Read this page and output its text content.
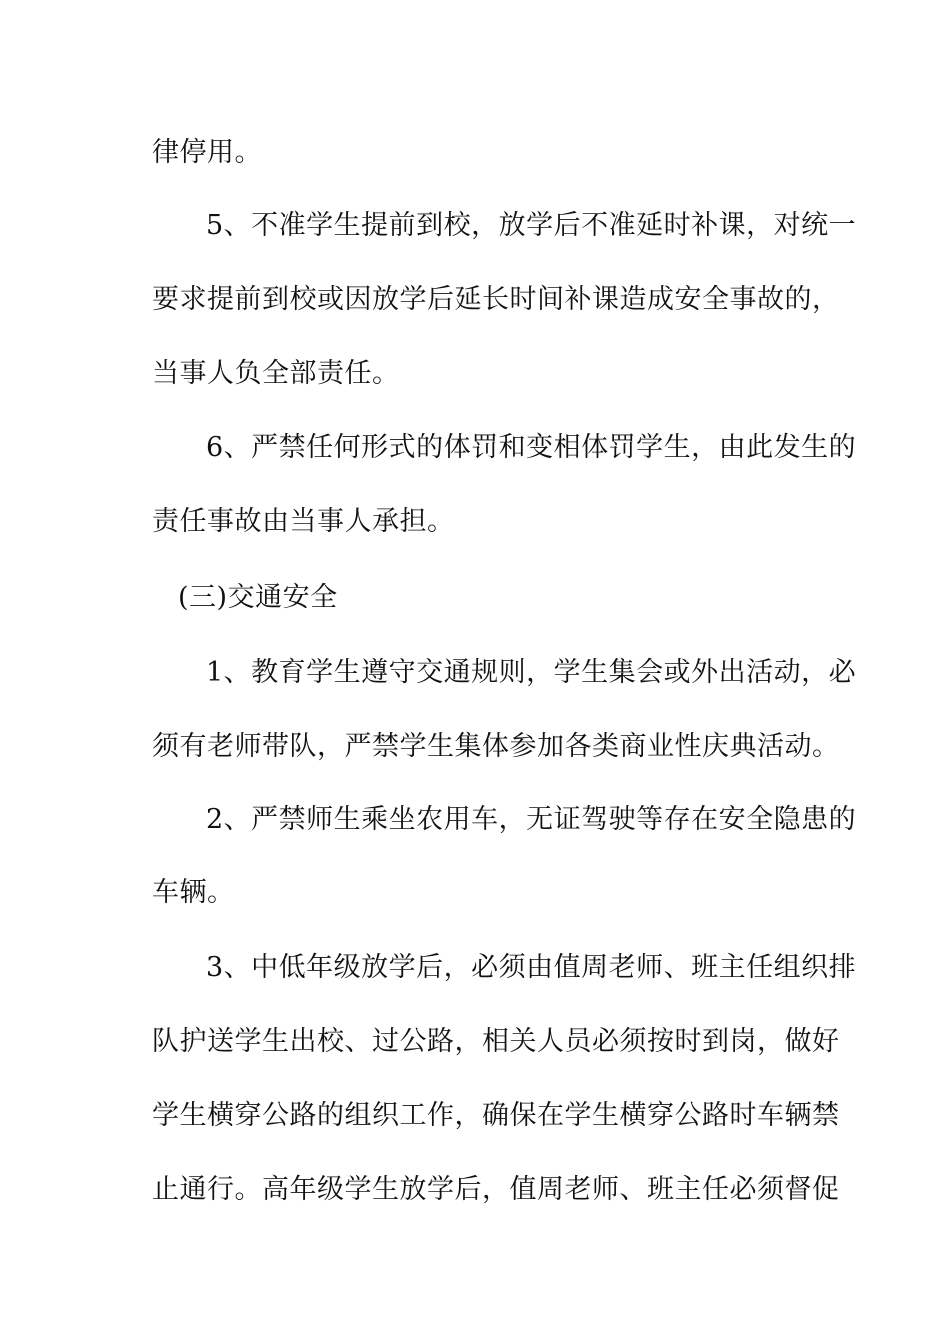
律停用。
5、不准学生提前到校，放学后不准延时补课，对统一
要求提前到校或因放学后延长时间补课造成安全事故的，
当事人负全部责任。
6、严禁任何形式的体罚和变相体罚学生，由此发生的
责任事故由当事人承担。
(三)交通安全
1、教育学生遵守交通规则，学生集会或外出活动，必
须有老师带队，严禁学生集体参加各类商业性庆典活动。
2、严禁师生乘坐农用车，无证驾驶等存在安全隐患的
车辆。
3、中低年级放学后，必须由值周老师、班主任组织排
队护送学生出校、过公路，相关人员必须按时到岗，做好
学生横穿公路的组织工作，确保在学生横穿公路时车辆禁
止通行。高年级学生放学后，值周老师、班主任必须督促
